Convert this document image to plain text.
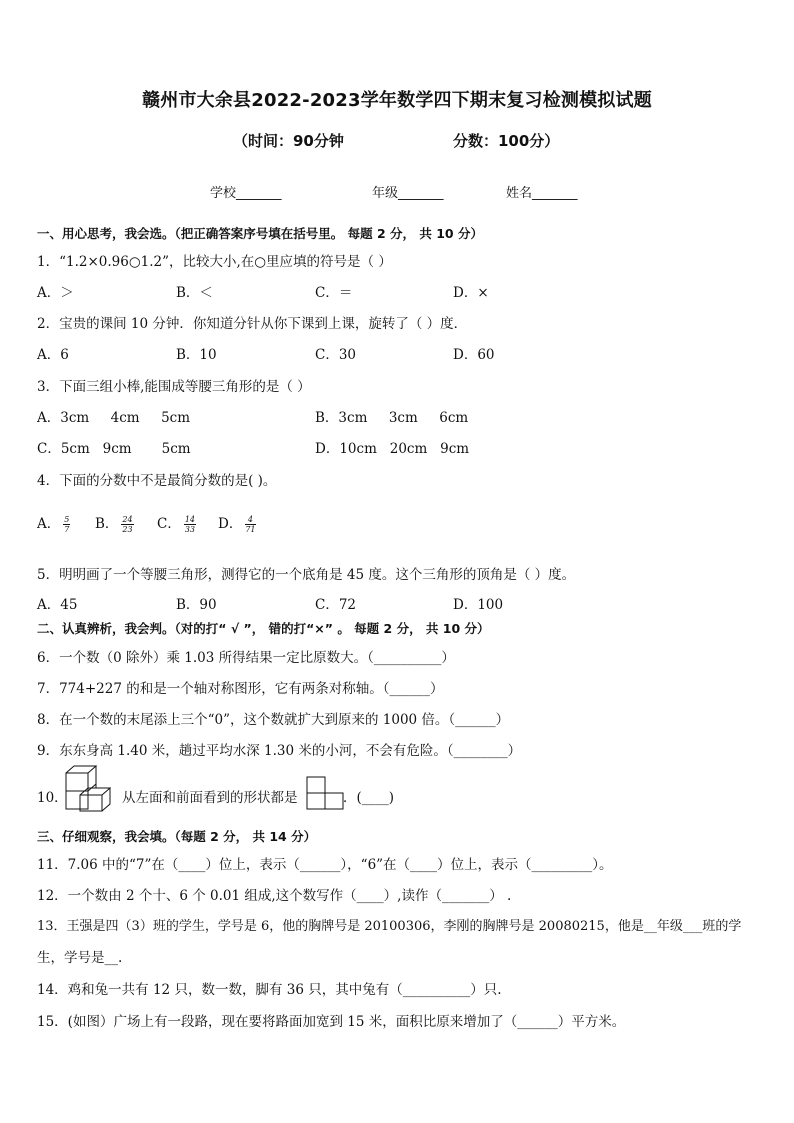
赣州市大余县2022-2023学年数学四下期末复习检测模拟试题
（时间：90分钟	分数：100分）
学校_______	年级_______	姓名_______
一、用心思考，我会选。（把正确答案序号填在括号里。 每题 2 分， 共 10 分）
1．“1.2×0.96○1.2”，比较大小,在○里应填的符号是（ ）
A．＞	B．＜	C．＝	D．×
2．宝贵的课间 10 分钟．你知道分针从你下课到上课，旋转了（ ）度．
A．6	B．10	C．30	D．60
3．下面三组小棒,能围成等腰三角形的是（ ）
A．3cm     4cm     5cm	B．3cm     3cm     6cm
C．5cm   9cm       5cm	D．10cm   20cm   9cm
4．下面的分数中不是最简分数的是( )。
A． $\frac{5}{7}$ B． $\frac{24}{23}$ C． $\frac{14}{33}$ D． $\frac{4}{71}$
5．明明画了一个等腰三角形，测得它的一个底角是 45 度。这个三角形的顶角是（ ）度。
A．45	B．90	C．72	D．100
二、认真辨析，我会判。（对的打“ √ ”， 错的打“×” 。 每题 2 分， 共 10 分）
6．一个数（0 除外）乘 1.03 所得结果一定比原数大。（__________）
7．774+227 的和是一个轴对称图形，它有两条对称轴。（______）
8．在一个数的末尾添上三个“0”，这个数就扩大到原来的 1000 倍。（______）
9．东东身高 1.40 米，趟过平均水深 1.30 米的小河，不会有危险。（________）
10．	从左面和前面看到的形状都是	．(____)
三、仔细观察，我会填。（每题 2 分， 共 14 分）
11．7.06 中的“7”在（____）位上，表示（______），“6”在（____）位上，表示（_________）。
12．一个数由 2 个十、6 个 0.01 组成,这个数写作（____）,读作（_______） .
13．王强是四（3）班的学生，学号是 6，他的胸牌号是 20100306，李刚的胸牌号是 20080215，他是__年级___班的学
生，学号是__.
14．鸡和兔一共有 12 只，数一数，脚有 36 只，其中兔有（__________）只.
15．(如图）广场上有一段路，现在要将路面加宽到 15 米，面积比原来增加了（______）平方米。
